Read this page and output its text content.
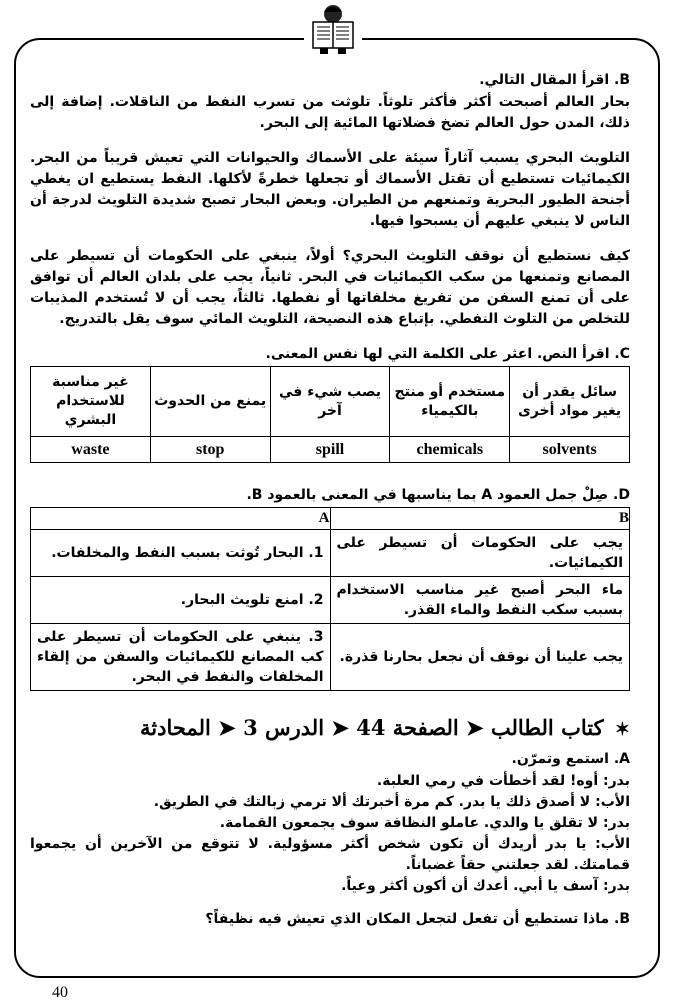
B. اقرأ المقال التالي.

بحار العالم أصبحت أكثر فأكثر تلوثاً. تلوثت من تسرب النفط من الناقلات. إضافة إلى ذلك، المدن حول العالم تضخ فضلاتها المائية إلى البحر.

التلويث البحري يسبب آثاراً سيئة على الأسماك والحيوانات التي تعيش قريباً من البحر. الكيمائيات تستطيع أن تقتل الأسماك أو تجعلها خطرةً لأكلها. النفط يستطيع ان يغطي أجنحة الطيور البحرية وتمنعهم من الطيران. وبعض البحار تصبح شديدة التلويث لدرجة أن الناس لا ينبغي عليهم أن يسبحوا فيها.

كيف نستطيع أن نوقف التلويث البحري؟ أولاً، ينبغي على الحكومات أن تسيطر على المصانع وتمنعها من سكب الكيمائيات في البحر. ثانياً، يجب على بلدان العالم أن توافق على أن تمنع السفن من تفريغ مخلفاتها أو نفطها. ثالثاً، يجب أن لا تُستخدم المذيبات للتخلص من التلوث النفطي. بإتباع هذه النصيحة، التلويث المائي سوف يقل بالتدريج.

C. اقرأ النص. اعثر على الكلمة التي لها نفس المعنى.
سائل يقدر أن يغير مواد أخرى	مستخدم أو منتج بالكيمياء	يصب شيء في آخر	يمنع من الحدوث	غير مناسبة للاستخدام البشري
solvents	chemicals	spill	stop	waste
D. صِلْ جمل العمود A بما يناسبها في المعنى بالعمود B.
B	A
يجب على الحكومات أن تسيطر على الكيمائيات.	1. البحار تُوثت بسبب النفط والمخلفات.
ماء البحر أصبح غير مناسب الاستخدام بسبب سكب النفط والماء القذر.	2. امنع تلويث البحار.
يجب علينا أن نوقف أن نجعل بحارنا قذرة.	3. ينبغي على الحكومات أن تسيطر على كب المصانع للكيمائيات والسفن من إلقاء المخلفات والنفط في البحر.
✶ كتاب الطالب ➤ الصفحة 44 ➤ الدرس 3 ➤ المحادثة
A. استمع وتمرّن.

بدر: أوه! لقد أخطأت في رمي العلبة.

الأب: لا أصدق ذلك يا بدر. كم مرة أخبرتك ألا ترمي زبالتك في الطريق.

بدر: لا تقلق يا والدي. عاملو النظافة سوف يجمعون القمامة.

الأب: يا بدر أريدك أن تكون شخص أكثر مسؤولية. لا تتوقع من الآخرين أن يجمعوا قمامتك. لقد جعلتني حقاً غضباناً.

بدر: آسف يا أبي. أعدك أن أكون أكثر وعياً.

B. ماذا تستطيع أن تفعل لتجعل المكان الذي تعيش فيه نظيفاً؟
40
